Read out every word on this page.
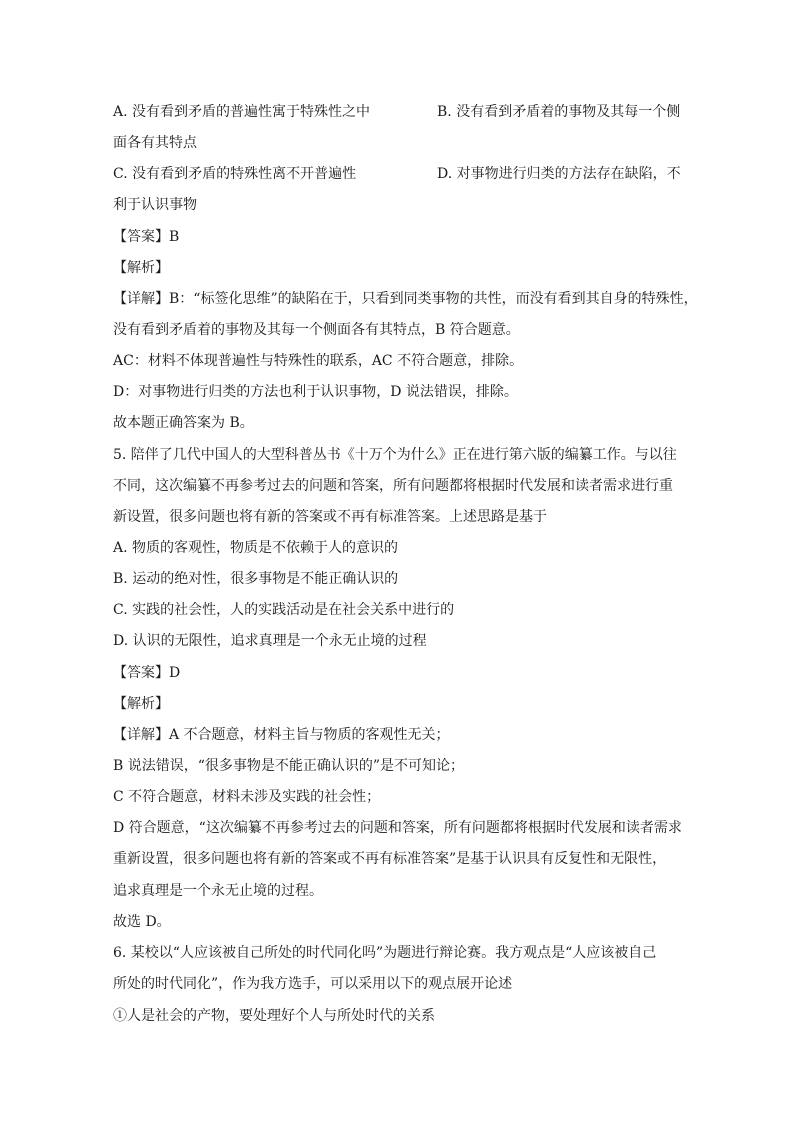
A. 没有看到矛盾的普遍性寓于特殊性之中	B. 没有看到矛盾着的事物及其每一个侧
面各有其特点
C. 没有看到矛盾的特殊性离不开普遍性	D. 对事物进行归类的方法存在缺陷，不
利于认识事物
【答案】B
【解析】
【详解】B：“标签化思维”的缺陷在于，只看到同类事物的共性，而没有看到其自身的特殊性，
没有看到矛盾着的事物及其每一个侧面各有其特点，B 符合题意。
AC：材料不体现普遍性与特殊性的联系，AC 不符合题意，排除。
D：对事物进行归类的方法也利于认识事物，D 说法错误，排除。
故本题正确答案为 B。
5. 陪伴了几代中国人的大型科普丛书《十万个为什么》正在进行第六版的编纂工作。与以往
不同，这次编纂不再参考过去的问题和答案，所有问题都将根据时代发展和读者需求进行重
新设置，很多问题也将有新的答案或不再有标准答案。上述思路是基于
A. 物质的客观性，物质是不依赖于人的意识的
B. 运动的绝对性，很多事物是不能正确认识的
C. 实践的社会性，人的实践活动是在社会关系中进行的
D. 认识的无限性，追求真理是一个永无止境的过程
【答案】D
【解析】
【详解】A 不合题意，材料主旨与物质的客观性无关；
B 说法错误，“很多事物是不能正确认识的”是不可知论；
C 不符合题意，材料未涉及实践的社会性；
D 符合题意，“这次编纂不再参考过去的问题和答案，所有问题都将根据时代发展和读者需求
重新设置，很多问题也将有新的答案或不再有标准答案”是基于认识具有反复性和无限性，
追求真理是一个永无止境的过程。
故选 D。
6. 某校以“人应该被自己所处的时代同化吗”为题进行辩论赛。我方观点是“人应该被自己
所处的时代同化”，作为我方选手，可以采用以下的观点展开论述
①人是社会的产物，要处理好个人与所处时代的关系
